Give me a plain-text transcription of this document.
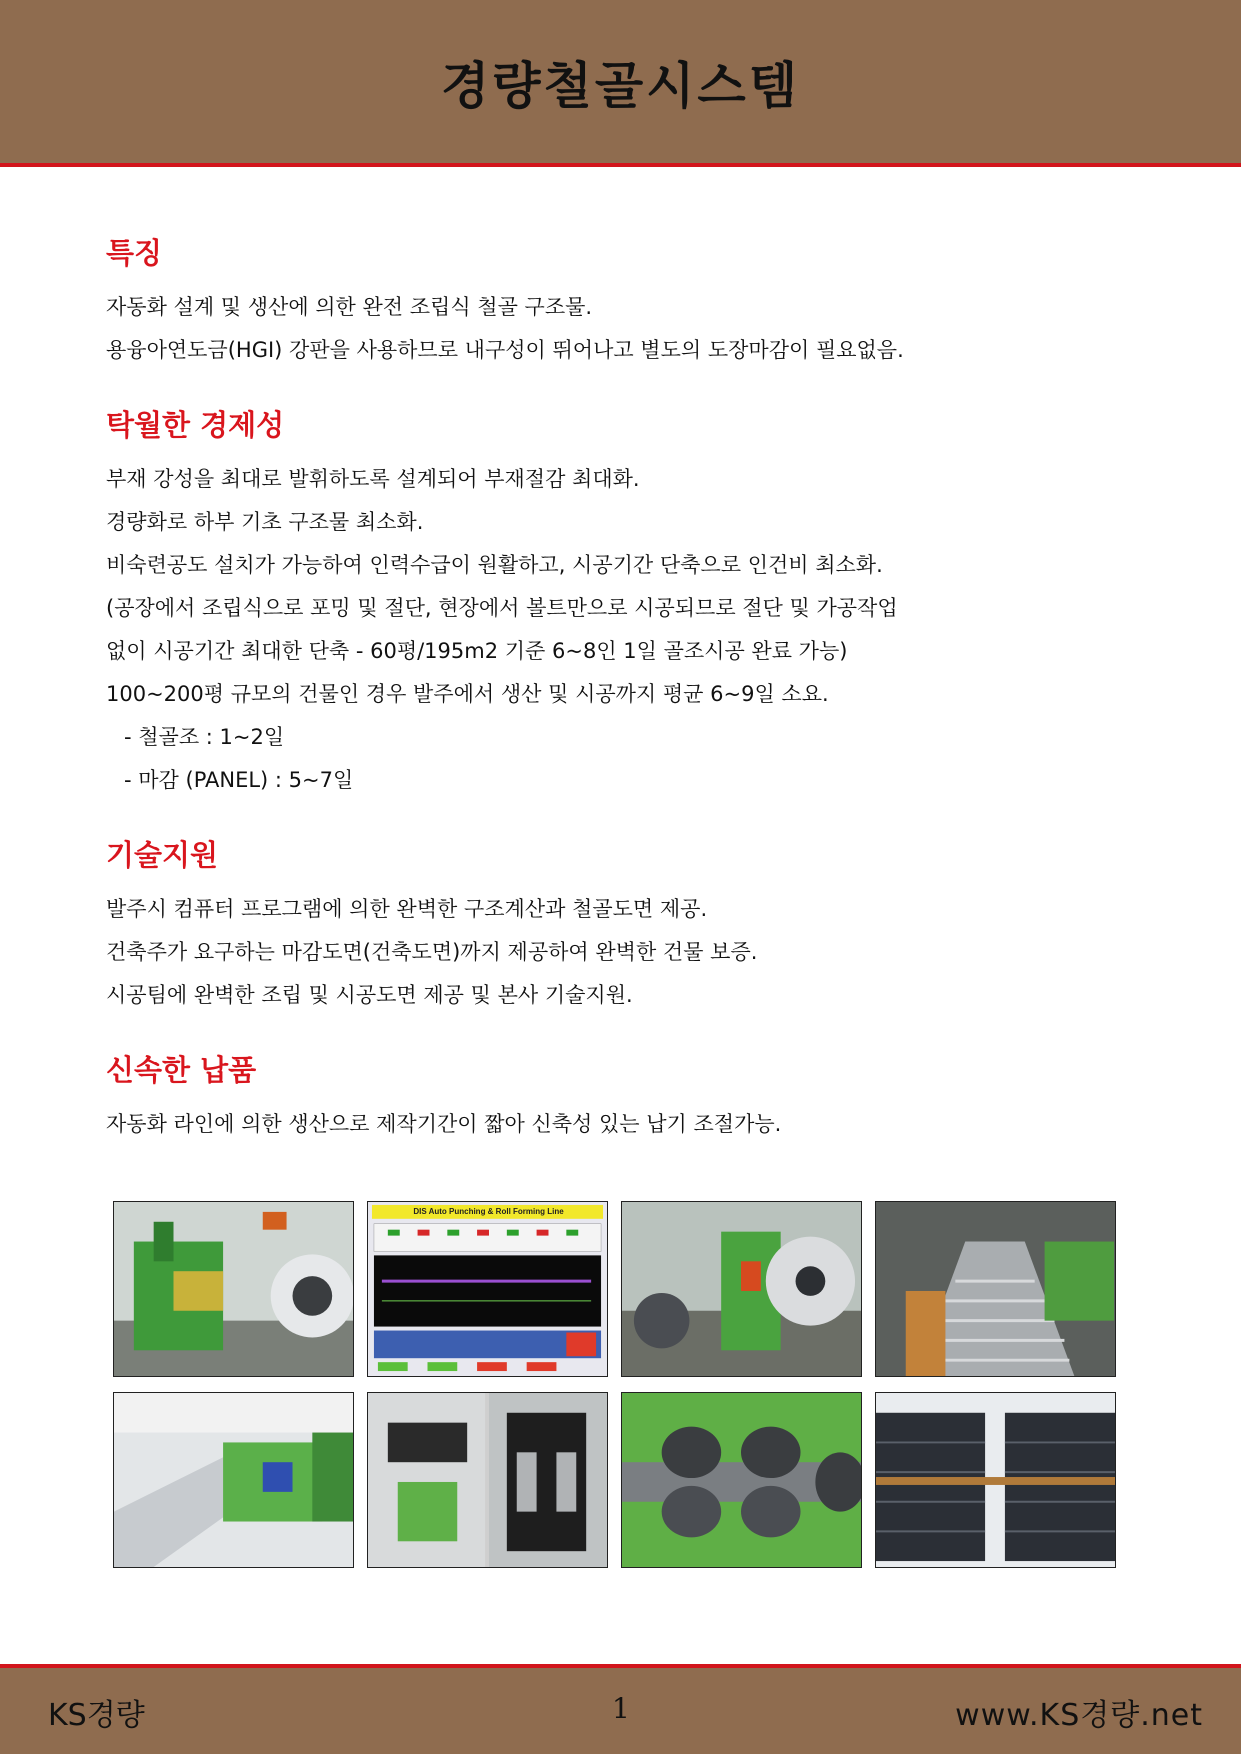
경량철골시스템
특징

자동화 설계 및 생산에 의한 완전 조립식 철골 구조물.

용융아연도금(HGI) 강판을 사용하므로 내구성이 뛰어나고 별도의 도장마감이 필요없음.

탁월한 경제성

부재 강성을 최대로 발휘하도록 설계되어 부재절감 최대화.

경량화로 하부 기초 구조물 최소화.

비숙련공도 설치가 가능하여 인력수급이 원활하고, 시공기간 단축으로 인건비 최소화.

(공장에서 조립식으로 포밍 및 절단, 현장에서 볼트만으로 시공되므로 절단 및 가공작업

없이 시공기간 최대한 단축 - 60평/195m2 기준 6~8인 1일 골조시공 완료 가능)

100~200평 규모의 건물인 경우 발주에서 생산 및 시공까지 평균 6~9일 소요.

- 철골조 : 1~2일

- 마감 (PANEL) : 5~7일

기술지원

발주시 컴퓨터 프로그램에 의한 완벽한 구조계산과 철골도면 제공.

건축주가 요구하는 마감도면(건축도면)까지 제공하여 완벽한 건물 보증.

시공팀에 완벽한 조립 및 시공도면 제공 및 본사 기술지원.

신속한 납품

자동화 라인에 의한 생산으로 제작기간이 짧아 신축성 있는 납기 조절가능.

DIS Auto Punching & Roll Forming Line
KS경량	1	www.KS경량.net
